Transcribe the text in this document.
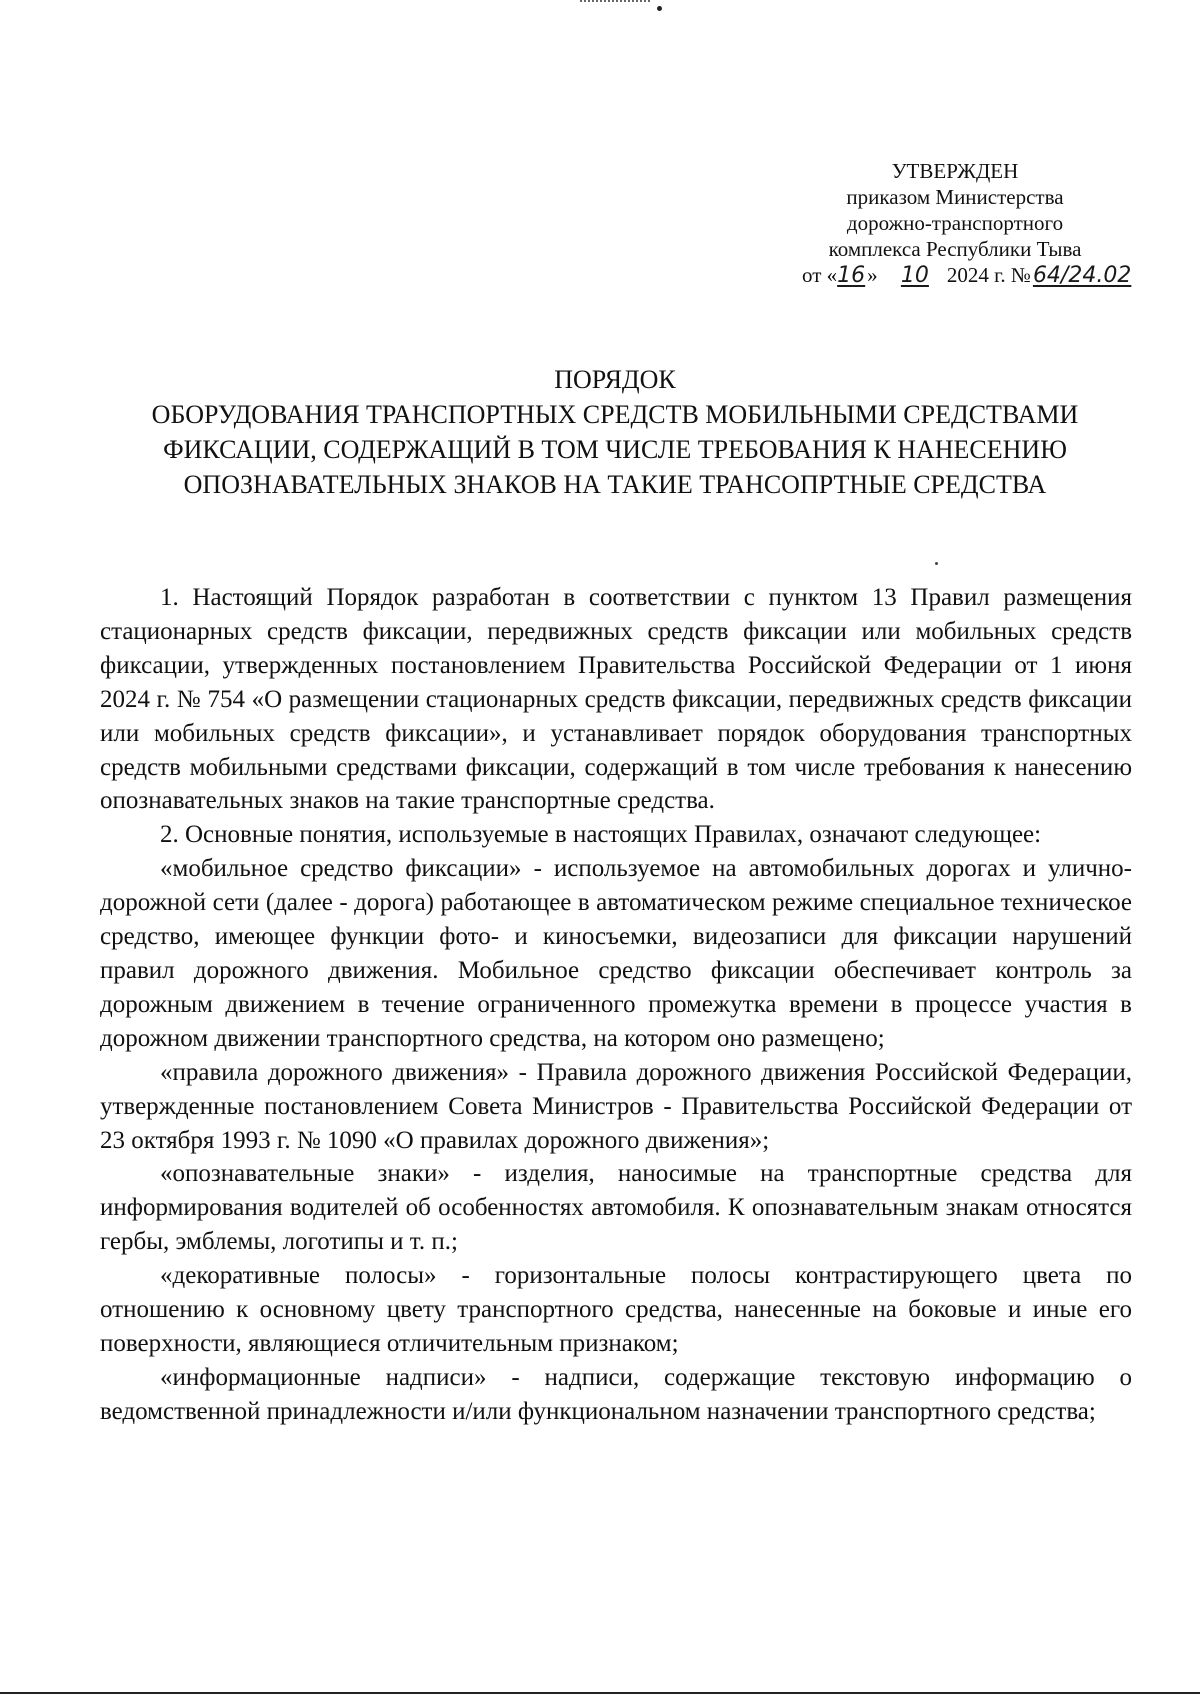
УТВЕРЖДЕН
приказом Министерства
дорожно-транспортного
комплекса Республики Тыва
от «16» 10 2024 г. №64/24.02
ПОРЯДОК
ОБОРУДОВАНИЯ ТРАНСПОРТНЫХ СРЕДСТВ МОБИЛЬНЫМИ СРЕДСТВАМИ
ФИКСАЦИИ, СОДЕРЖАЩИЙ В ТОМ ЧИСЛЕ ТРЕБОВАНИЯ К НАНЕСЕНИЮ
ОПОЗНАВАТЕЛЬНЫХ ЗНАКОВ НА ТАКИЕ ТРАНСОПРТНЫЕ СРЕДСТВА

1. Настоящий Порядок разработан в соответствии с пунктом 13 Правил размещения стационарных средств фиксации, передвижных средств фиксации или мобильных средств фиксации, утвержденных постановлением Правительства Российской Федерации от 1 июня 2024 г. № 754 «О размещении стационарных средств фиксации, передвижных средств фиксации или мобильных средств фиксации», и устанавливает порядок оборудования транспортных средств мобильными средствами фиксации, содержащий в том числе требования к нанесению опознавательных знаков на такие транспортные средства.

2. Основные понятия, используемые в настоящих Правилах, означают следующее:

«мобильное средство фиксации» - используемое на автомобильных дорогах и улично-дорожной сети (далее - дорога) работающее в автоматическом режиме специальное техническое средство, имеющее функции фото- и киносъемки, видеозаписи для фиксации нарушений правил дорожного движения. Мобильное средство фиксации обеспечивает контроль за дорожным движением в течение ограниченного промежутка времени в процессе участия в дорожном движении транспортного средства, на котором оно размещено;

«правила дорожного движения» - Правила дорожного движения Российской Федерации, утвержденные постановлением Совета Министров - Правительства Российской Федерации от 23 октября 1993 г. № 1090 «О правилах дорожного движения»;

«опознавательные знаки» - изделия, наносимые на транспортные средства для информирования водителей об особенностях автомобиля. К опознавательным знакам относятся гербы, эмблемы, логотипы и т. п.;

«декоративные полосы» - горизонтальные полосы контрастирующего цвета по отношению к основному цвету транспортного средства, нанесенные на боковые и иные его поверхности, являющиеся отличительным признаком;

«информационные надписи» - надписи, содержащие текстовую информацию о ведомственной принадлежности и/или функциональном назначении транспортного средства;
